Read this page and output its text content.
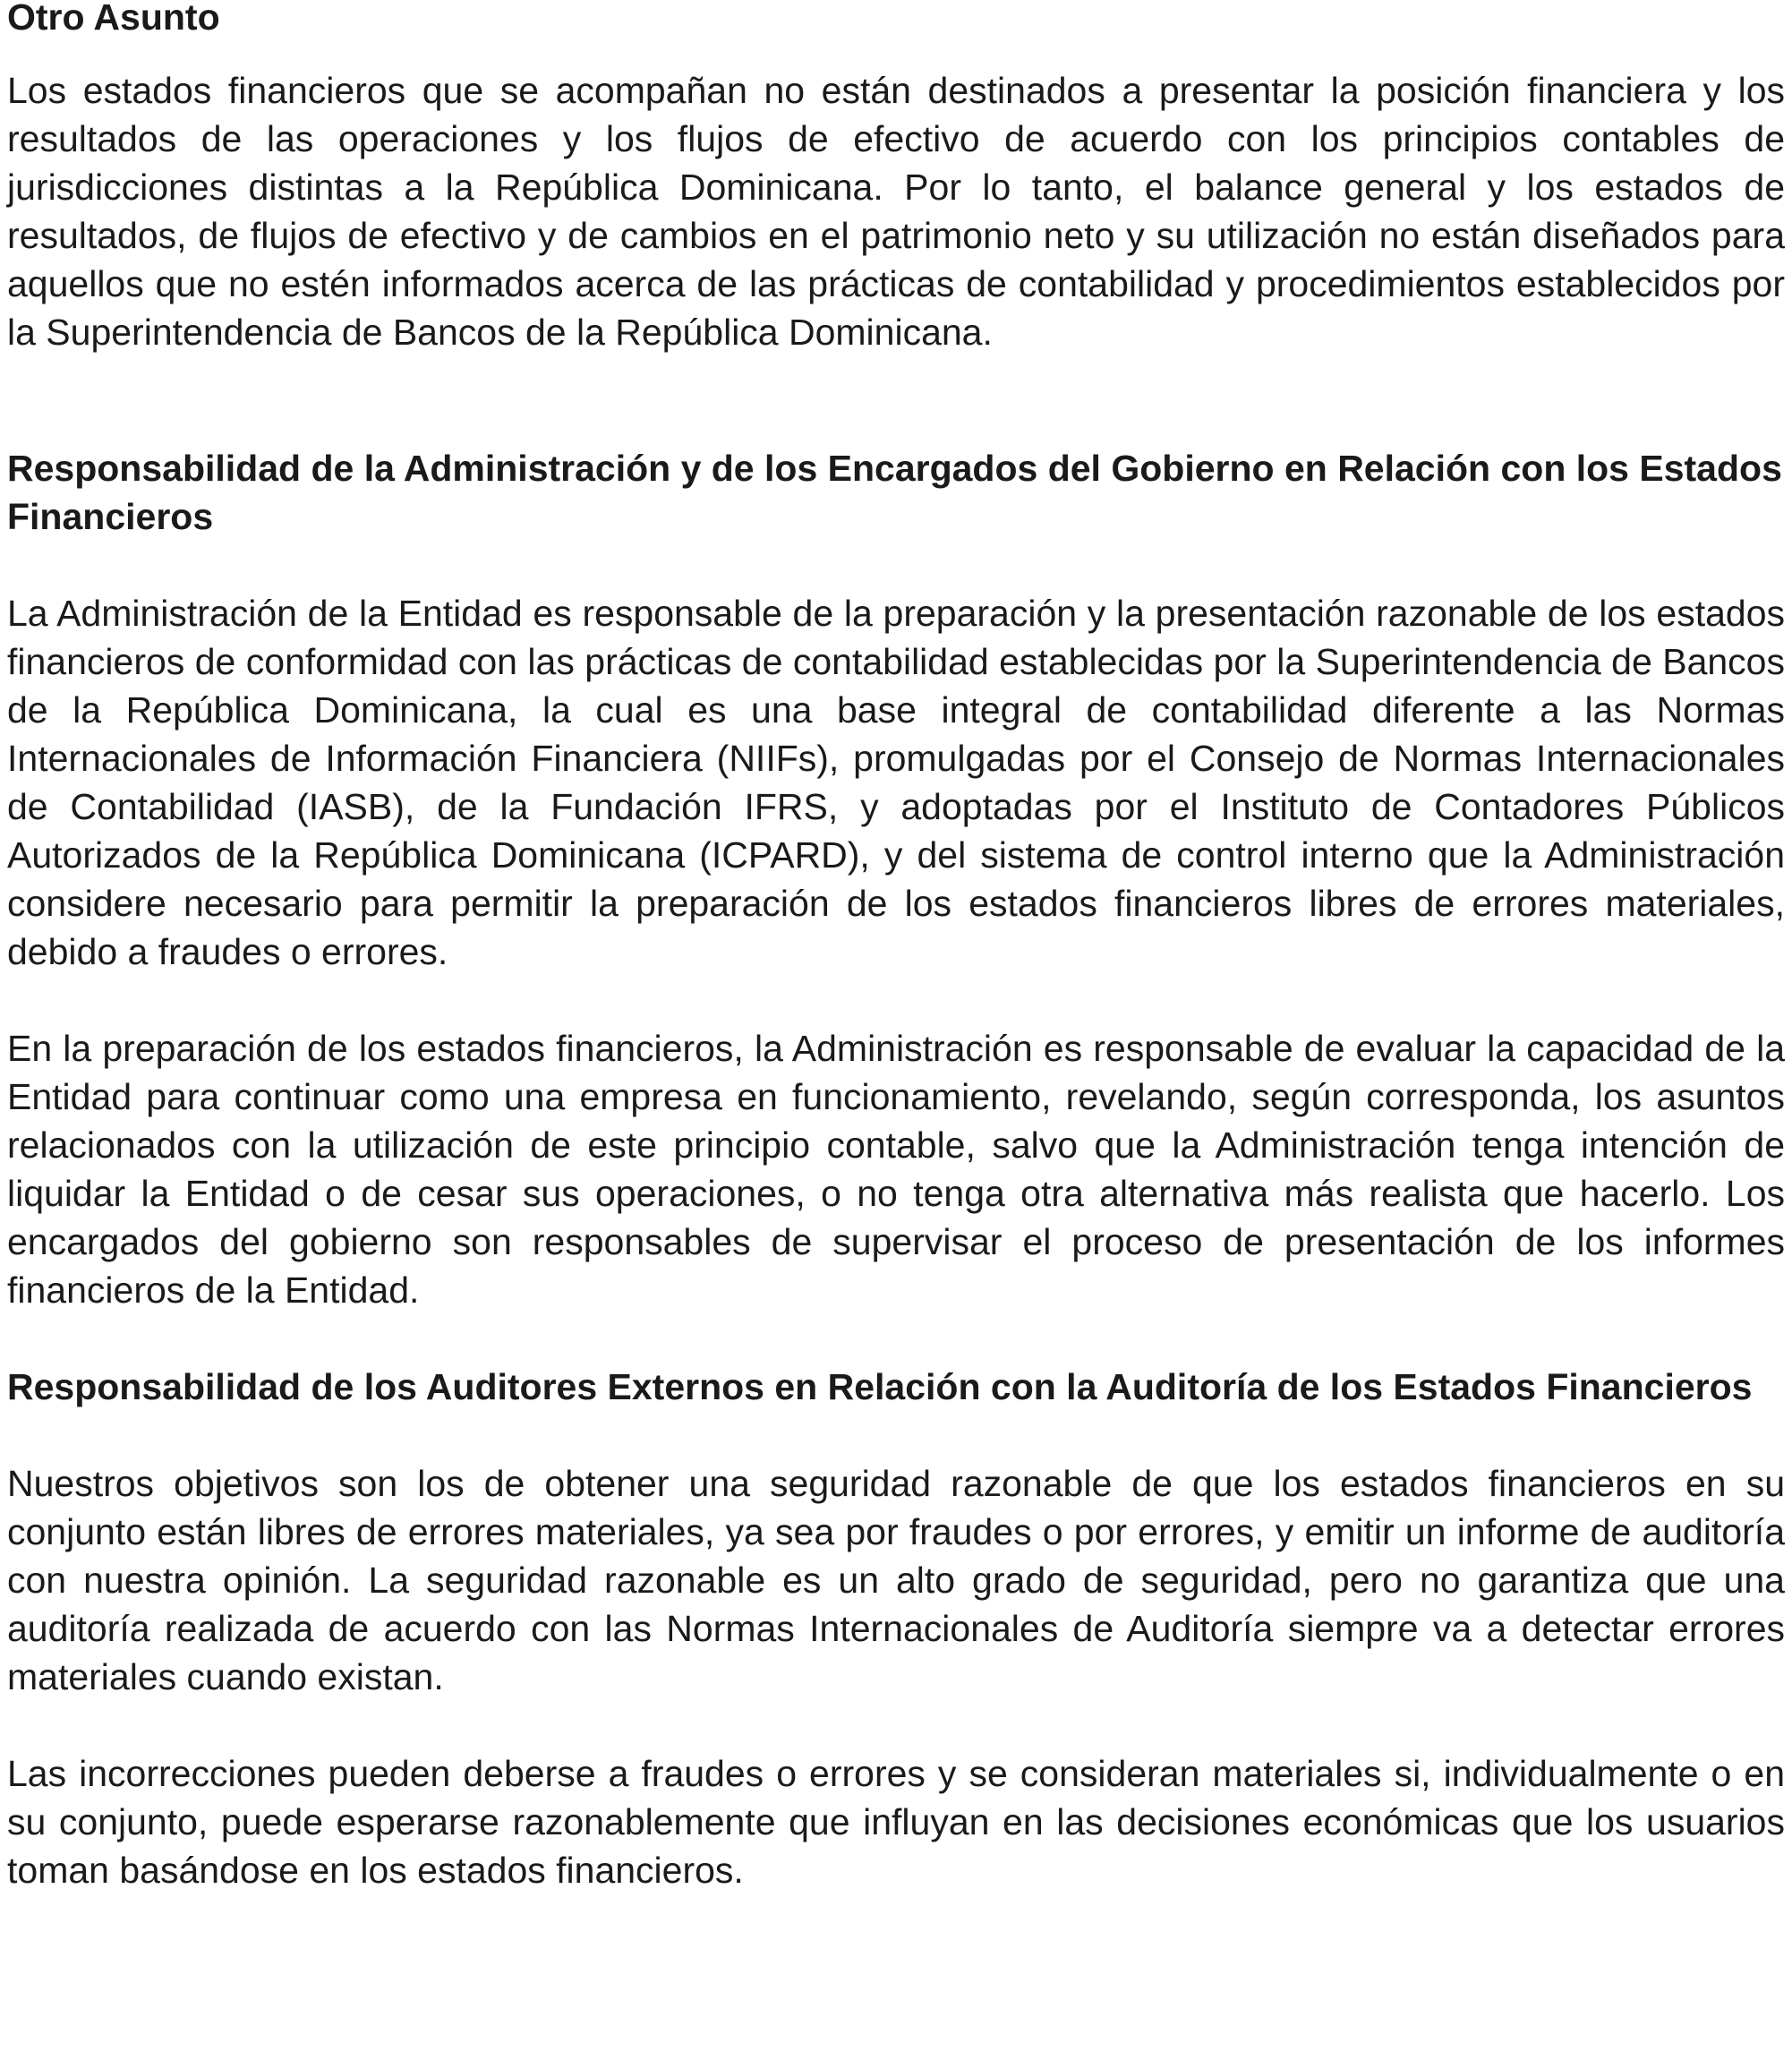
Otro Asunto

Los estados financieros que se acompañan no están destinados a presentar la posición financiera y los resultados de las operaciones y los flujos de efectivo de acuerdo con los principios contables de jurisdicciones distintas a la República Dominicana. Por lo tanto, el balance general y los estados de resultados, de flujos de efectivo y de cambios en el patrimonio neto y su utilización no están diseñados para aquellos que no estén informados acerca de las prácticas de contabilidad y procedimientos establecidos por la Superintendencia de Bancos de la República Dominicana.

Responsabilidad de la Administración y de los Encargados del Gobierno en Relación con los Estados Financieros

La Administración de la Entidad es responsable de la preparación y la presentación razonable de los estados financieros de conformidad con las prácticas de contabilidad establecidas por la Superintendencia de Bancos de la República Dominicana, la cual es una base integral de contabilidad diferente a las Normas Internacionales de Información Financiera (NIIFs), promulgadas por el Consejo de Normas Internacionales de Contabilidad (IASB), de la Fundación IFRS, y adoptadas por el Instituto de Contadores Públicos Autorizados de la República Dominicana (ICPARD), y del sistema de control interno que la Administración considere necesario para permitir la preparación de los estados financieros libres de errores materiales, debido a fraudes o errores.

En la preparación de los estados financieros, la Administración es responsable de evaluar la capacidad de la Entidad para continuar como una empresa en funcionamiento, revelando, según corresponda, los asuntos relacionados con la utilización de este principio contable, salvo que la Administración tenga intención de liquidar la Entidad o de cesar sus operaciones, o no tenga otra alternativa más realista que hacerlo. Los encargados del gobierno son responsables de supervisar el proceso de presentación de los informes financieros de la Entidad.

Responsabilidad de los Auditores Externos en Relación con la Auditoría de los Estados Financieros

Nuestros objetivos son los de obtener una seguridad razonable de que los estados financieros en su conjunto están libres de errores materiales, ya sea por fraudes o por errores, y emitir un informe de auditoría con nuestra opinión. La seguridad razonable es un alto grado de seguridad, pero no garantiza que una auditoría realizada de acuerdo con las Normas Internacionales de Auditoría siempre va a detectar errores materiales cuando existan.

Las incorrecciones pueden deberse a fraudes o errores y se consideran materiales si, individualmente o en su conjunto, puede esperarse razonablemente que influyan en las decisiones económicas que los usuarios toman basándose en los estados financieros.
